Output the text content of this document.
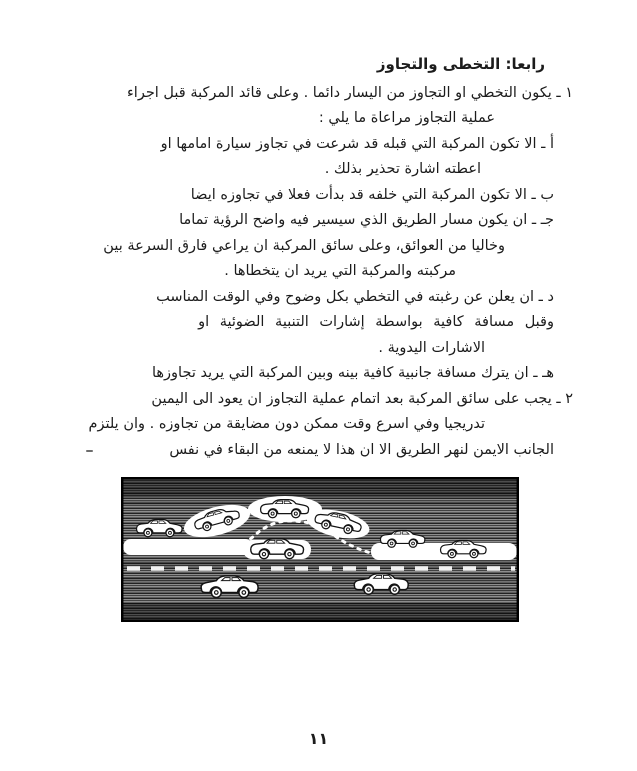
رابعا: التخطى والتجاوز
١ ـ يكون التخطي او التجاوز من اليسار دائما . وعلى قائد المركبة قبل اجراء
عملية التجاوز مراعاة ما يلي :
أ ـ الا تكون المركبة التي قبله قد شرعت في تجاوز سيارة امامها او
اعطته اشارة تحذير بذلك .
ب ـ الا تكون المركبة التي خلفه قد بدأت فعلا في تجاوزه ايضا
جـ ـ ان يكون مسار الطريق الذي سيسير فيه واضح الرؤية تماما
وخاليا من العوائق، وعلى سائق المركبة ان يراعي فارق السرعة بين
مركبته والمركبة التي يريد ان يتخطاها .
د ـ ان يعلن عن رغبته في التخطي بكل وضوح وفي الوقت المناسب
وقبل مسافة كافية بواسطة إشارات التنبية الضوئية او
الاشارات اليدوية .
هـ ـ ان يترك مسافة جانبية كافية بينه وبين المركبة التي يريد تجاوزها
٢ ـ يجب على سائق المركبة بعد اتمام عملية التجاوز ان يعود الى اليمين
تدريجيا وفي اسرع وقت ممكن دون مضايقة من تجاوزه . وان يلتزم
الجانب الايمن لنهر الطريق الا ان هذا لا يمنعه من البقاء في نفس
١١
